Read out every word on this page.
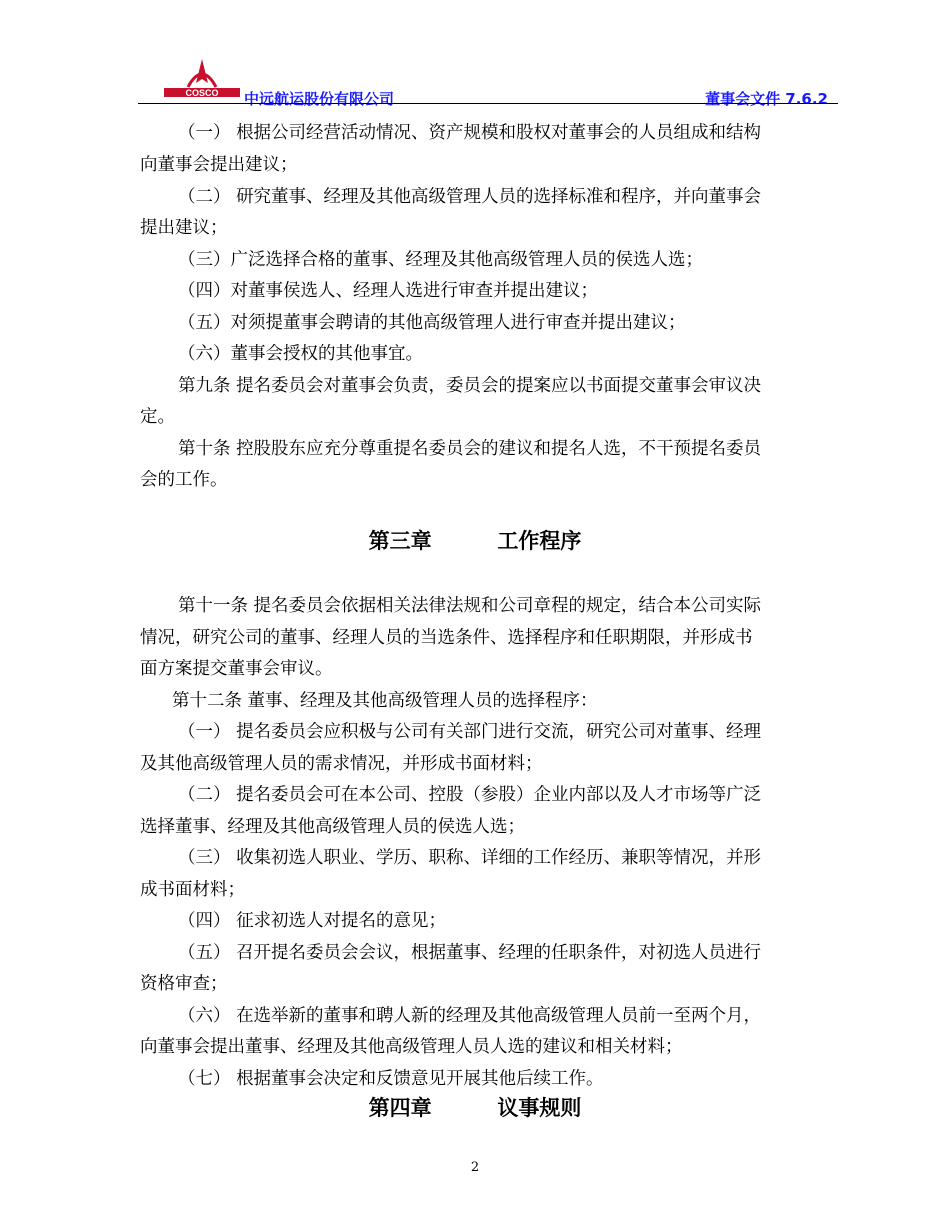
COSCO 中远航运股份有限公司	董事会文件 7.6.2
（一） 根据公司经营活动情况、资产规模和股权对董事会的人员组成和结构
向董事会提出建议；
（二） 研究董事、经理及其他高级管理人员的选择标准和程序，并向董事会
提出建议；
（三）广泛选择合格的董事、经理及其他高级管理人员的侯选人选；
（四）对董事侯选人、经理人选进行审查并提出建议；
（五）对须提董事会聘请的其他高级管理人进行审查并提出建议；
（六）董事会授权的其他事宜。
第九条 提名委员会对董事会负责，委员会的提案应以书面提交董事会审议决
定。
第十条 控股股东应充分尊重提名委员会的建议和提名人选，不干预提名委员
会的工作。
第三章         工作程序
第十一条 提名委员会依据相关法律法规和公司章程的规定，结合本公司实际
情况，研究公司的董事、经理人员的当选条件、选择程序和任职期限，并形成书
面方案提交董事会审议。
第十二条 董事、经理及其他高级管理人员的选择程序：
（一） 提名委员会应积极与公司有关部门进行交流，研究公司对董事、经理
及其他高级管理人员的需求情况，并形成书面材料；
（二） 提名委员会可在本公司、控股（参股）企业内部以及人才市场等广泛
选择董事、经理及其他高级管理人员的侯选人选；
（三） 收集初选人职业、学历、职称、详细的工作经历、兼职等情况，并形
成书面材料；
（四） 征求初选人对提名的意见；
（五） 召开提名委员会会议，根据董事、经理的任职条件，对初选人员进行
资格审查；
（六） 在选举新的董事和聘人新的经理及其他高级管理人员前一至两个月，
向董事会提出董事、经理及其他高级管理人员人选的建议和相关材料；
（七） 根据董事会决定和反馈意见开展其他后续工作。
第四章         议事规则
2
